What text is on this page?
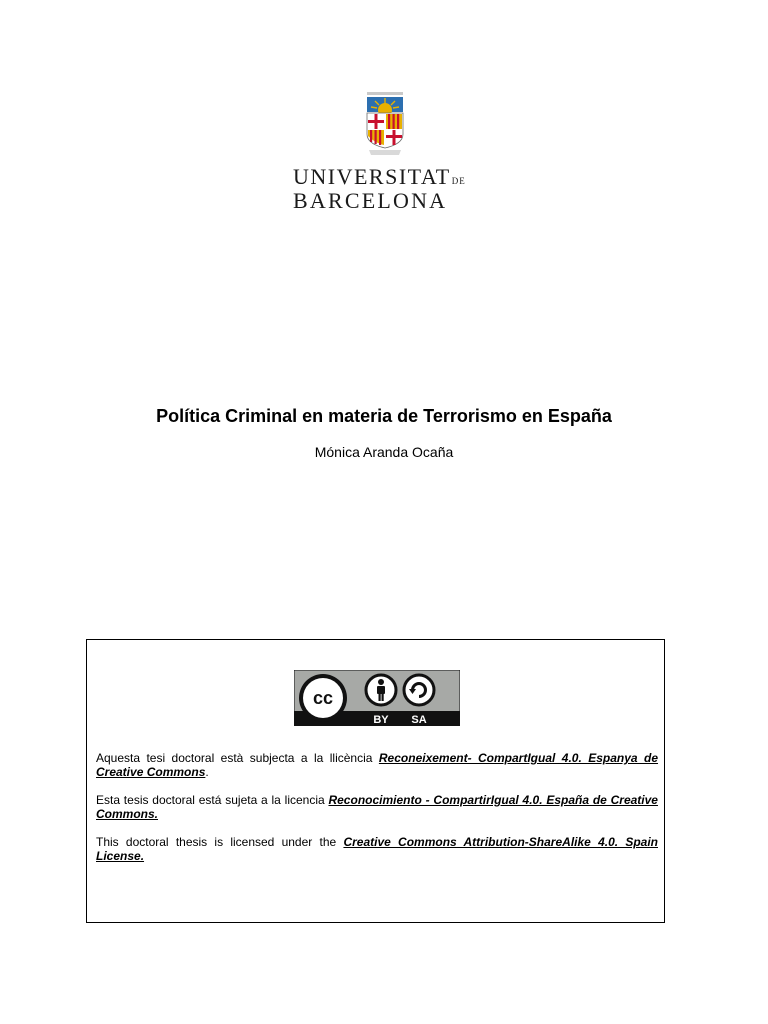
UNIVERSITATDE
BARCELONA
Política Criminal en materia de Terrorismo en España
Mónica Aranda Ocaña
cc
BY SA
Aquesta tesi doctoral està subjecta a la llicència Reconeixement- CompartIgual 4.0. Espanya de Creative Commons.
Esta tesis doctoral está sujeta a la licencia Reconocimiento - CompartirIgual 4.0. España de Creative Commons.
This doctoral thesis is licensed under the Creative Commons Attribution-ShareAlike 4.0. Spain License.
